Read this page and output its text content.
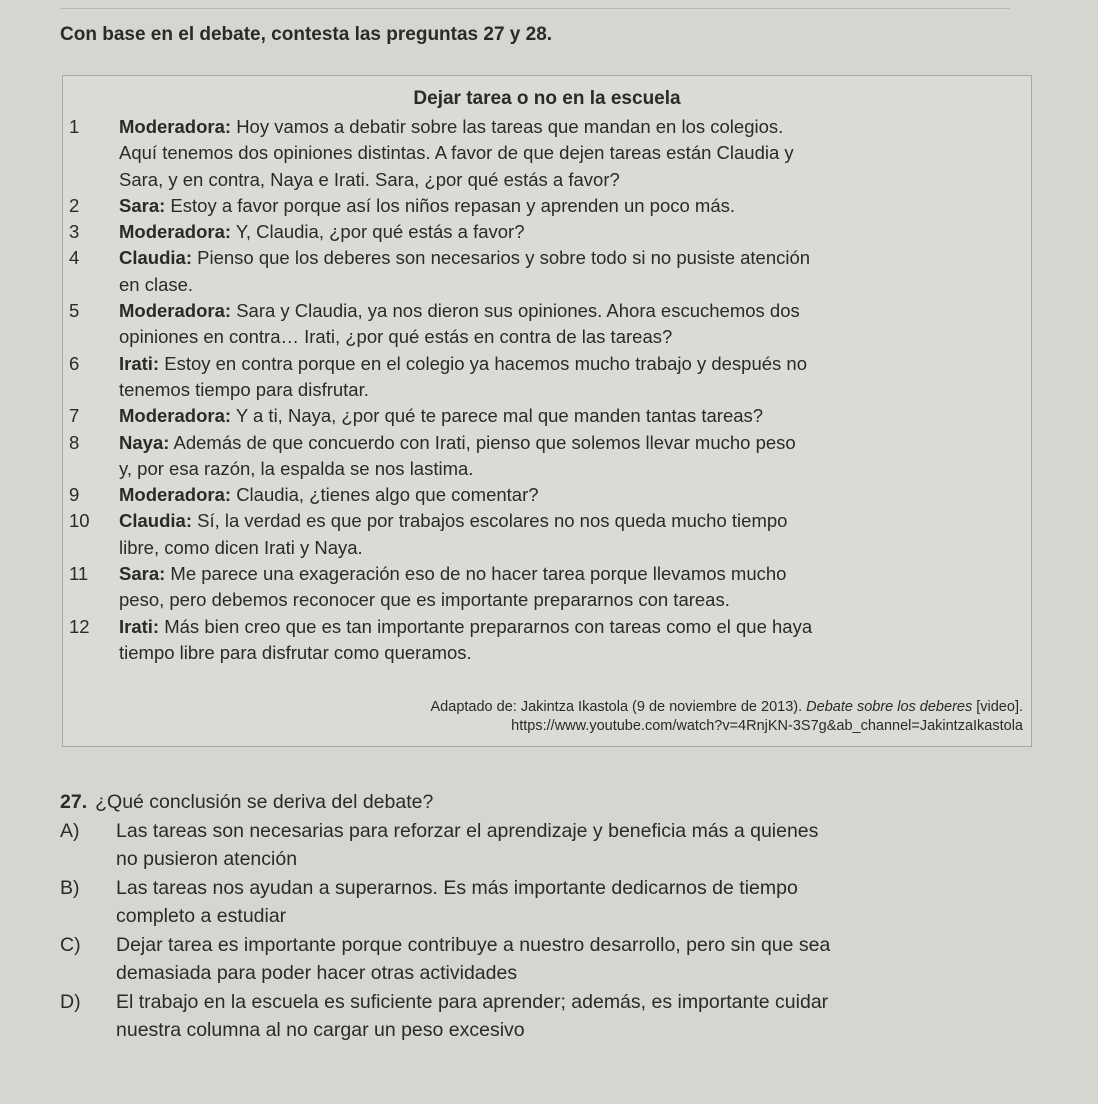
Con base en el debate, contesta las preguntas 27 y 28.
Dejar tarea o no en la escuela
1	Moderadora: Hoy vamos a debatir sobre las tareas que mandan en los colegios.
Aquí tenemos dos opiniones distintas. A favor de que dejen tareas están Claudia y
Sara, y en contra, Naya e Irati. Sara, ¿por qué estás a favor?
2	Sara: Estoy a favor porque así los niños repasan y aprenden un poco más.
3	Moderadora: Y, Claudia, ¿por qué estás a favor?
4	Claudia: Pienso que los deberes son necesarios y sobre todo si no pusiste atención
en clase.
5	Moderadora: Sara y Claudia, ya nos dieron sus opiniones. Ahora escuchemos dos
opiniones en contra… Irati, ¿por qué estás en contra de las tareas?
6	Irati: Estoy en contra porque en el colegio ya hacemos mucho trabajo y después no
tenemos tiempo para disfrutar.
7	Moderadora: Y a ti, Naya, ¿por qué te parece mal que manden tantas tareas?
8	Naya: Además de que concuerdo con Irati, pienso que solemos llevar mucho peso
y, por esa razón, la espalda se nos lastima.
9	Moderadora: Claudia, ¿tienes algo que comentar?
10	Claudia: Sí, la verdad es que por trabajos escolares no nos queda mucho tiempo
libre, como dicen Irati y Naya.
11	Sara: Me parece una exageración eso de no hacer tarea porque llevamos mucho
peso, pero debemos reconocer que es importante prepararnos con tareas.
12	Irati: Más bien creo que es tan importante prepararnos con tareas como el que haya
tiempo libre para disfrutar como queramos.
Adaptado de: Jakintza Ikastola (9 de noviembre de 2013). Debate sobre los deberes [video].
https://www.youtube.com/watch?v=4RnjKN-3S7g&ab_channel=JakintzaIkastola
27. ¿Qué conclusión se deriva del debate?
A) Las tareas son necesarias para reforzar el aprendizaje y beneficia más a quienes
no pusieron atención
B) Las tareas nos ayudan a superarnos. Es más importante dedicarnos de tiempo
completo a estudiar
C) Dejar tarea es importante porque contribuye a nuestro desarrollo, pero sin que sea
demasiada para poder hacer otras actividades
D) El trabajo en la escuela es suficiente para aprender; además, es importante cuidar
nuestra columna al no cargar un peso excesivo
